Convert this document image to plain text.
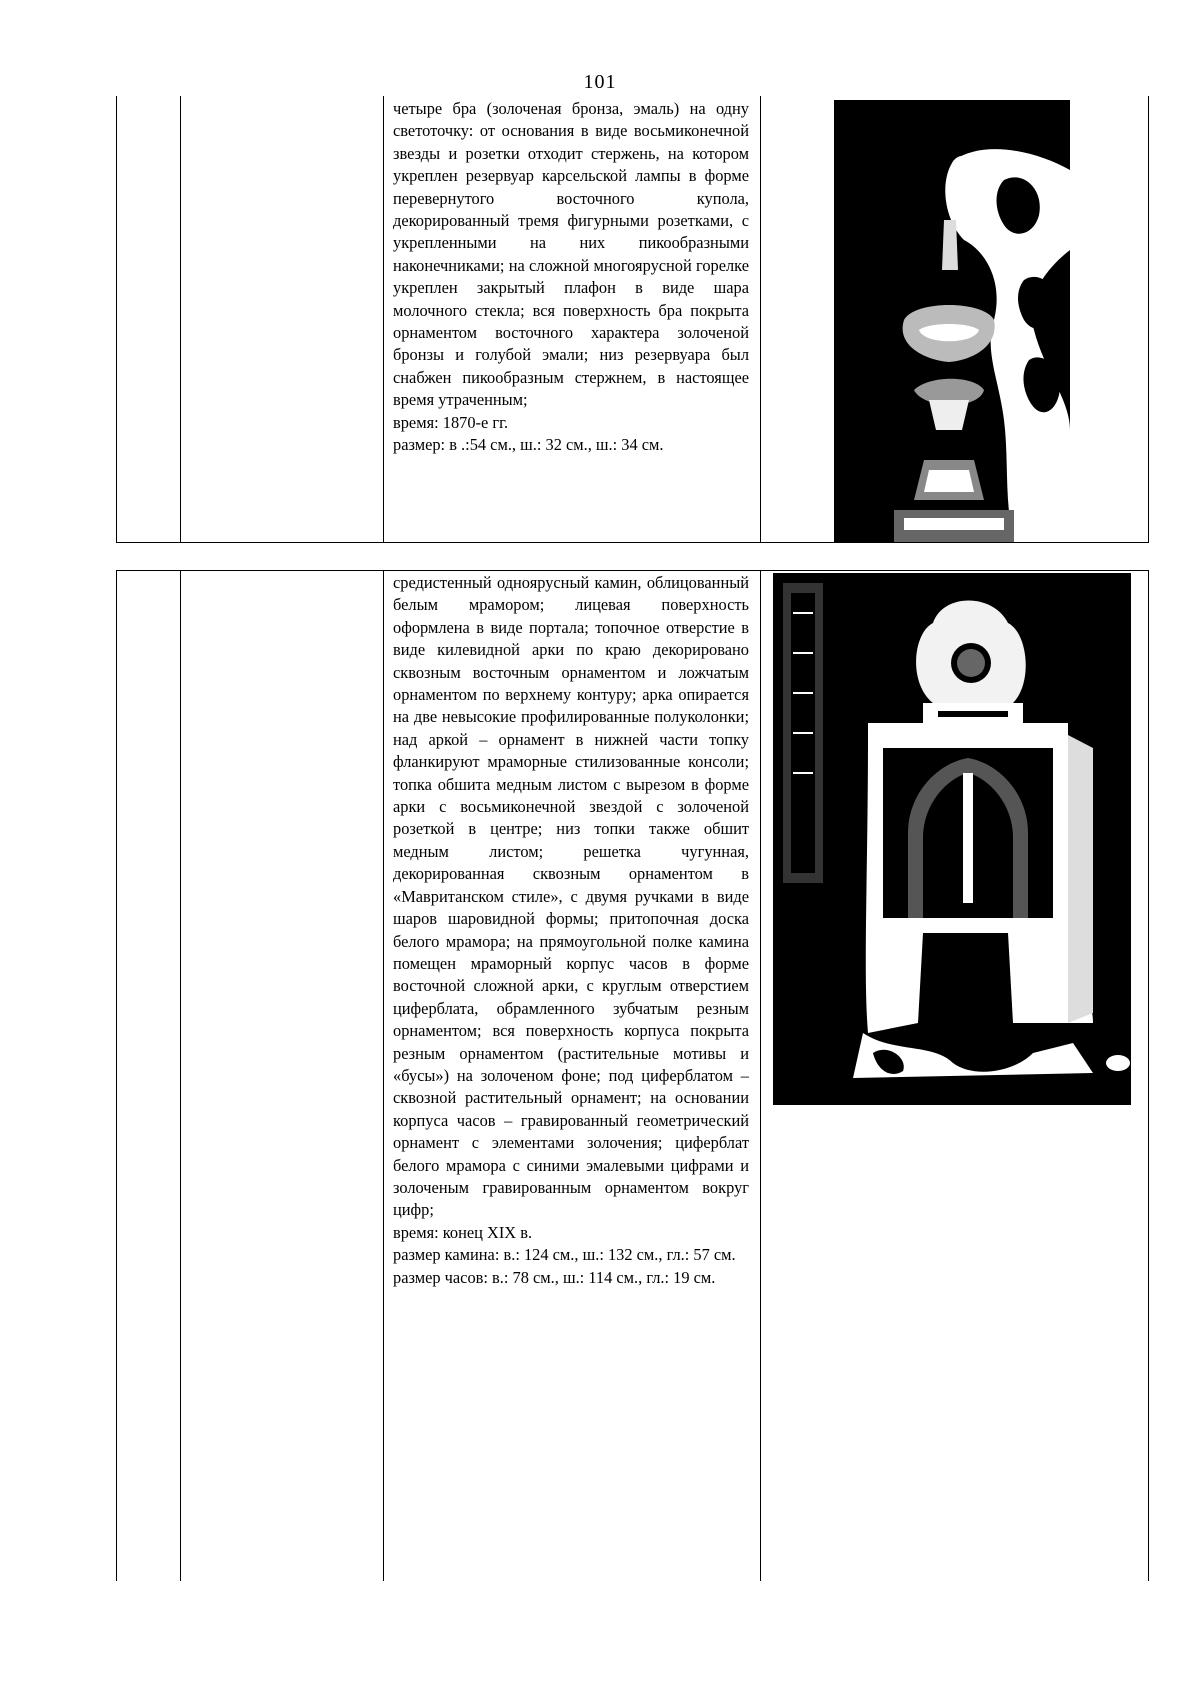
101

четыре бра (золоченая бронза, эмаль) на одну светоточку: от основания в виде восьмиконечной звезды и розетки отходит стержень, на котором укреплен резервуар карсельской лампы в форме перевернутого восточного купола, декорированный тремя фигурными розетками, с укрепленными на них пикообразными наконечниками; на сложной многоярусной горелке укреплен закрытый плафон в виде шара молочного стекла; вся поверхность бра покрыта орнаментом восточного характера золоченой бронзы и голубой эмали; низ резервуара был снабжен пикообразным стержнем, в настоящее время утраченным;

время: 1870-е гг.

размер: в .:54 см., ш.: 32 см., ш.: 34 см.

средистенный одноярусный камин, облицованный белым мрамором; лицевая поверхность оформлена в виде портала; топочное отверстие в виде килевидной арки по краю декорировано сквозным восточным орнаментом и ложчатым орнаментом по верхнему контуру; арка опирается на две невысокие профилированные полуколонки; над аркой – орнамент в нижней части топку фланкируют мраморные стилизованные консоли; топка обшита медным листом с вырезом в форме арки с восьмиконечной звездой с золоченой розеткой в центре; низ топки также обшит медным листом; решетка чугунная, декорированная сквозным орнаментом в «Мавританском стиле», с двумя ручками в виде шаров шаровидной формы; притопочная доска белого мрамора; на прямоугольной полке камина помещен мраморный корпус часов в форме восточной сложной арки, с круглым отверстием циферблата, обрамленного зубчатым резным орнаментом; вся поверхность корпуса покрыта резным орнаментом (растительные мотивы и «бусы») на золоченом фоне; под циферблатом – сквозной растительный орнамент; на основании корпуса часов – гравированный геометрический орнамент с элементами золочения; циферблат белого мрамора с синими эмалевыми цифрами и золоченым гравированным орнаментом вокруг цифр;

время: конец XIX в.

размер камина: в.: 124 см., ш.: 132 см., гл.: 57 см.

размер часов: в.: 78 см., ш.: 114 см., гл.: 19 см.
